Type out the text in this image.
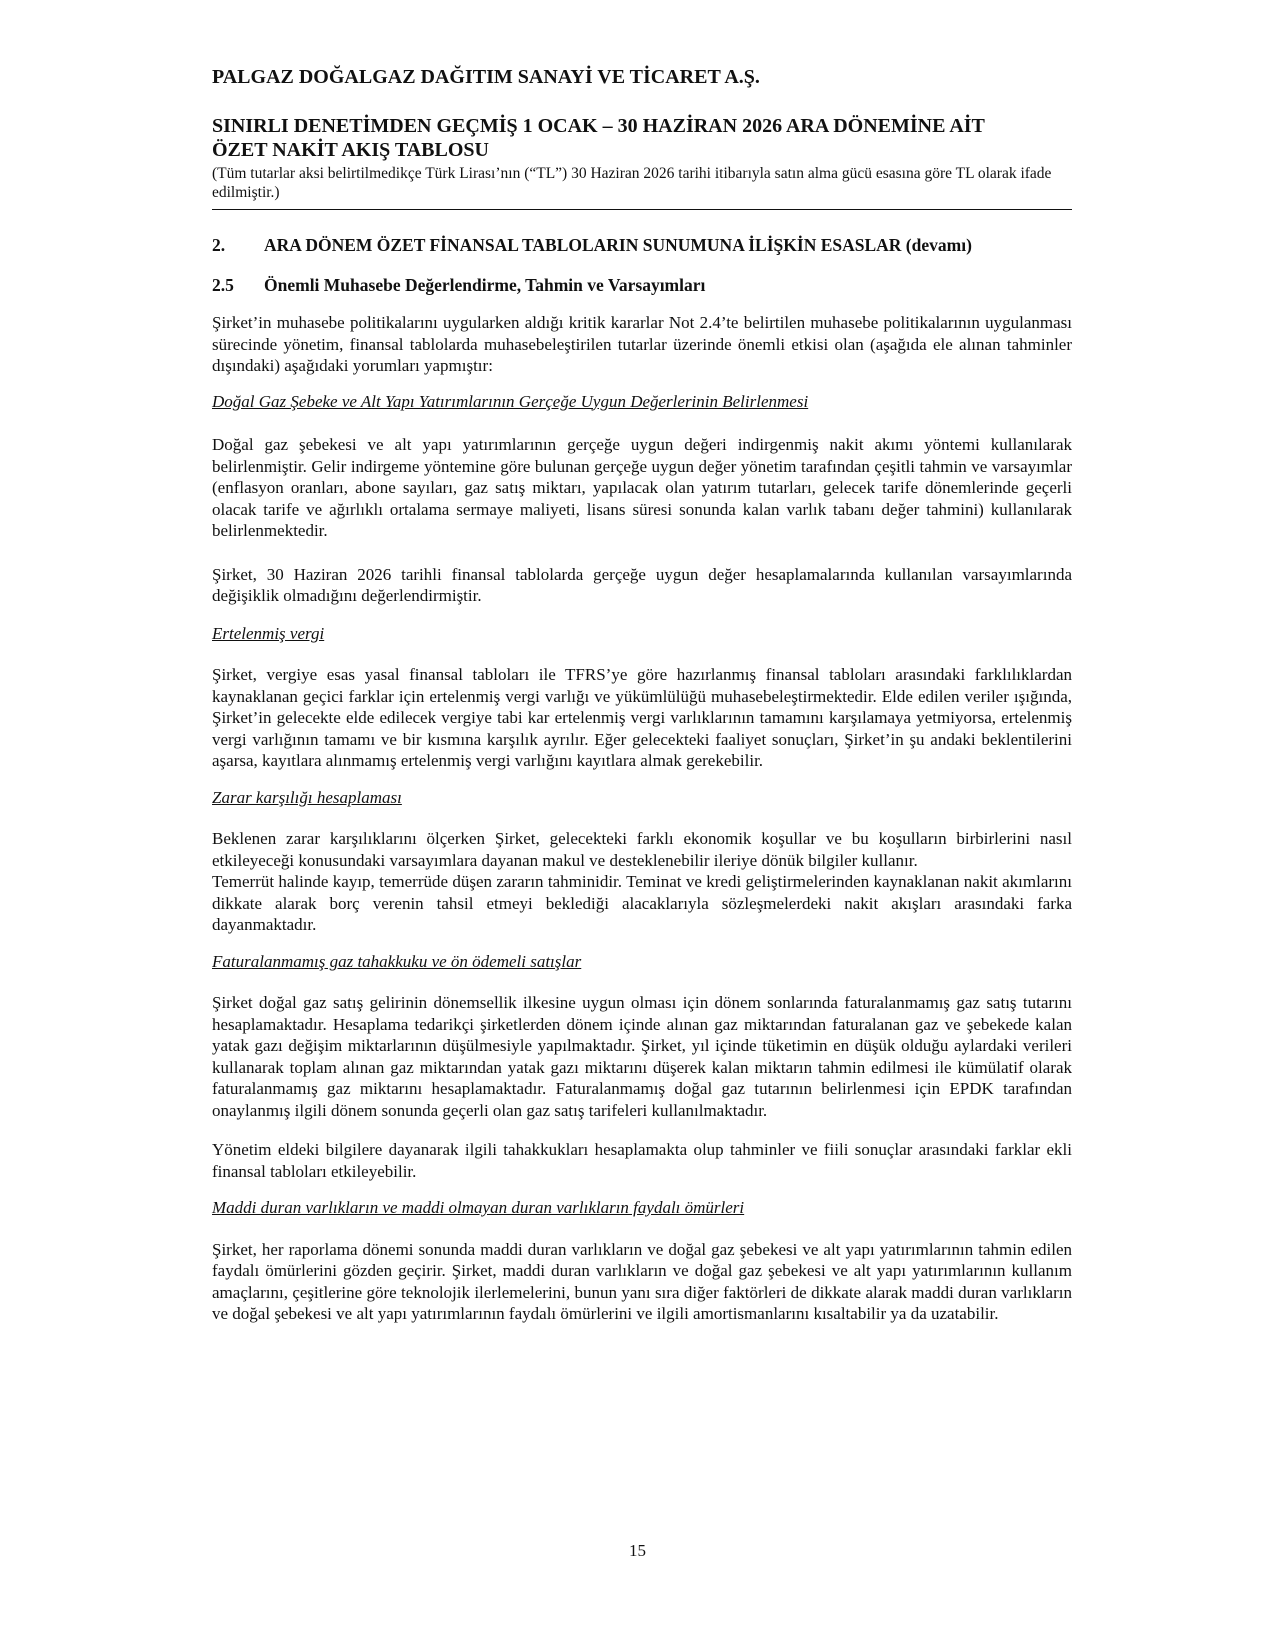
PALGAZ DOĞALGAZ DAĞITIM SANAYİ VE TİCARET A.Ş.
SINIRLI DENETİMDEN GEÇMİŞ 1 OCAK – 30 HAZİRAN 2026 ARA DÖNEMİNE AİT
ÖZET NAKİT AKIŞ TABLOSU
(Tüm tutarlar aksi belirtilmedikçe Türk Lirası’nın (“TL”) 30 Haziran 2026 tarihi itibarıyla satın alma gücü esasına göre TL olarak ifade edilmiştir.)
2.	ARA DÖNEM ÖZET FİNANSAL TABLOLARIN SUNUMUNA İLİŞKİN ESASLAR (devamı)
2.5	Önemli Muhasebe Değerlendirme, Tahmin ve Varsayımları

Şirket’in muhasebe politikalarını uygularken aldığı kritik kararlar Not 2.4’te belirtilen muhasebe politikalarının uygulanması sürecinde yönetim, finansal tablolarda muhasebeleştirilen tutarlar üzerinde önemli etkisi olan (aşağıda ele alınan tahminler dışındaki) aşağıdaki yorumları yapmıştır:

Doğal Gaz Şebeke ve Alt Yapı Yatırımlarının Gerçeğe Uygun Değerlerinin Belirlenmesi

Doğal gaz şebekesi ve alt yapı yatırımlarının gerçeğe uygun değeri indirgenmiş nakit akımı yöntemi kullanılarak belirlenmiştir. Gelir indirgeme yöntemine göre bulunan gerçeğe uygun değer yönetim tarafından çeşitli tahmin ve varsayımlar (enflasyon oranları, abone sayıları, gaz satış miktarı, yapılacak olan yatırım tutarları, gelecek tarife dönemlerinde geçerli olacak tarife ve ağırlıklı ortalama sermaye maliyeti, lisans süresi sonunda kalan varlık tabanı değer tahmini) kullanılarak belirlenmektedir.

Şirket, 30 Haziran 2026 tarihli finansal tablolarda gerçeğe uygun değer hesaplamalarında kullanılan varsayımlarında değişiklik olmadığını değerlendirmiştir.

Ertelenmiş vergi

Şirket, vergiye esas yasal finansal tabloları ile TFRS’ye göre hazırlanmış finansal tabloları arasındaki farklılıklardan kaynaklanan geçici farklar için ertelenmiş vergi varlığı ve yükümlülüğü muhasebeleştirmektedir. Elde edilen veriler ışığında, Şirket’in gelecekte elde edilecek vergiye tabi kar ertelenmiş vergi varlıklarının tamamını karşılamaya yetmiyorsa, ertelenmiş vergi varlığının tamamı ve bir kısmına karşılık ayrılır. Eğer gelecekteki faaliyet sonuçları, Şirket’in şu andaki beklentilerini aşarsa, kayıtlara alınmamış ertelenmiş vergi varlığını kayıtlara almak gerekebilir.

Zarar karşılığı hesaplaması

Beklenen zarar karşılıklarını ölçerken Şirket, gelecekteki farklı ekonomik koşullar ve bu koşulların birbirlerini nasıl etkileyeceği konusundaki varsayımlara dayanan makul ve desteklenebilir ileriye dönük bilgiler kullanır.

Temerrüt halinde kayıp, temerrüde düşen zararın tahminidir. Teminat ve kredi geliştirmelerinden kaynaklanan nakit akımlarını dikkate alarak borç verenin tahsil etmeyi beklediği alacaklarıyla sözleşmelerdeki nakit akışları arasındaki farka dayanmaktadır.

Faturalanmamış gaz tahakkuku ve ön ödemeli satışlar

Şirket doğal gaz satış gelirinin dönemsellik ilkesine uygun olması için dönem sonlarında faturalanmamış gaz satış tutarını hesaplamaktadır. Hesaplama tedarikçi şirketlerden dönem içinde alınan gaz miktarından faturalanan gaz ve şebekede kalan yatak gazı değişim miktarlarının düşülmesiyle yapılmaktadır. Şirket, yıl içinde tüketimin en düşük olduğu aylardaki verileri kullanarak toplam alınan gaz miktarından yatak gazı miktarını düşerek kalan miktarın tahmin edilmesi ile kümülatif olarak faturalanmamış gaz miktarını hesaplamaktadır. Faturalanmamış doğal gaz tutarının belirlenmesi için EPDK tarafından onaylanmış ilgili dönem sonunda geçerli olan gaz satış tarifeleri kullanılmaktadır.

Yönetim eldeki bilgilere dayanarak ilgili tahakkukları hesaplamakta olup tahminler ve fiili sonuçlar arasındaki farklar ekli finansal tabloları etkileyebilir.

Maddi duran varlıkların ve maddi olmayan duran varlıkların faydalı ömürleri

Şirket, her raporlama dönemi sonunda maddi duran varlıkların ve doğal gaz şebekesi ve alt yapı yatırımlarının tahmin edilen faydalı ömürlerini gözden geçirir. Şirket, maddi duran varlıkların ve doğal gaz şebekesi ve alt yapı yatırımlarının kullanım amaçlarını, çeşitlerine göre teknolojik ilerlemelerini, bunun yanı sıra diğer faktörleri de dikkate alarak maddi duran varlıkların ve doğal şebekesi ve alt yapı yatırımlarının faydalı ömürlerini ve ilgili amortismanlarını kısaltabilir ya da uzatabilir.

15
